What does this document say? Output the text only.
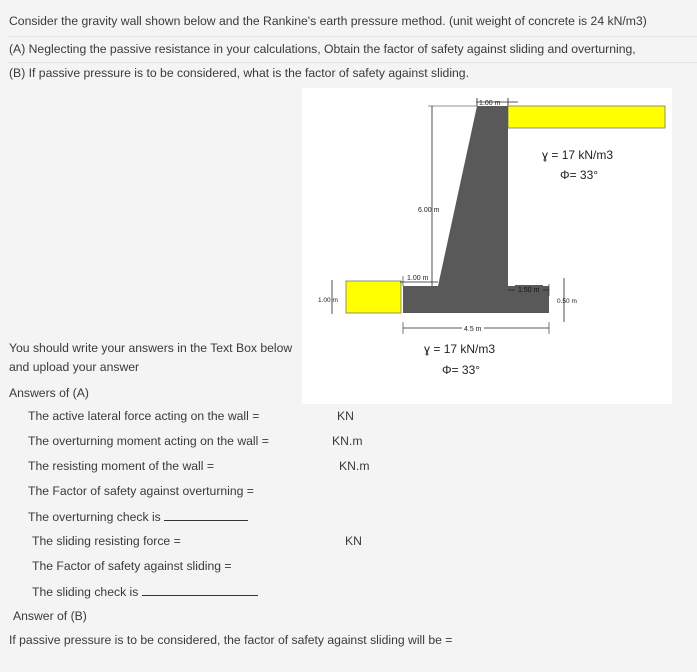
Consider the gravity wall shown below and the Rankine's earth pressure method. (unit weight of concrete is 24 kN/m3)
(A) Neglecting the passive resistance in your calculations, Obtain the factor of safety against sliding and overturning,
(B) If passive pressure is to be considered, what is the factor of safety against sliding.
1.00 m
6.00 m
1.00 m
1.50 m
0.50 m
1.00 m
4.5 m
ɣ = 17 kN/m3
Φ= 33°
ɣ = 17 kN/m3
Φ= 33°
You should write your answers in the Text Box below
and upload your answer
Answers of (A)
The active lateral force acting on the wall =	KN
The overturning moment acting on the wall =	KN.m
The resisting moment of the wall =	KN.m
The Factor of safety against overturning =
The overturning check is
The sliding resisting force =	KN
The Factor of safety against sliding =
The sliding check is
Answer of (B)
If passive pressure is to be considered, the factor of safety against sliding will be =
